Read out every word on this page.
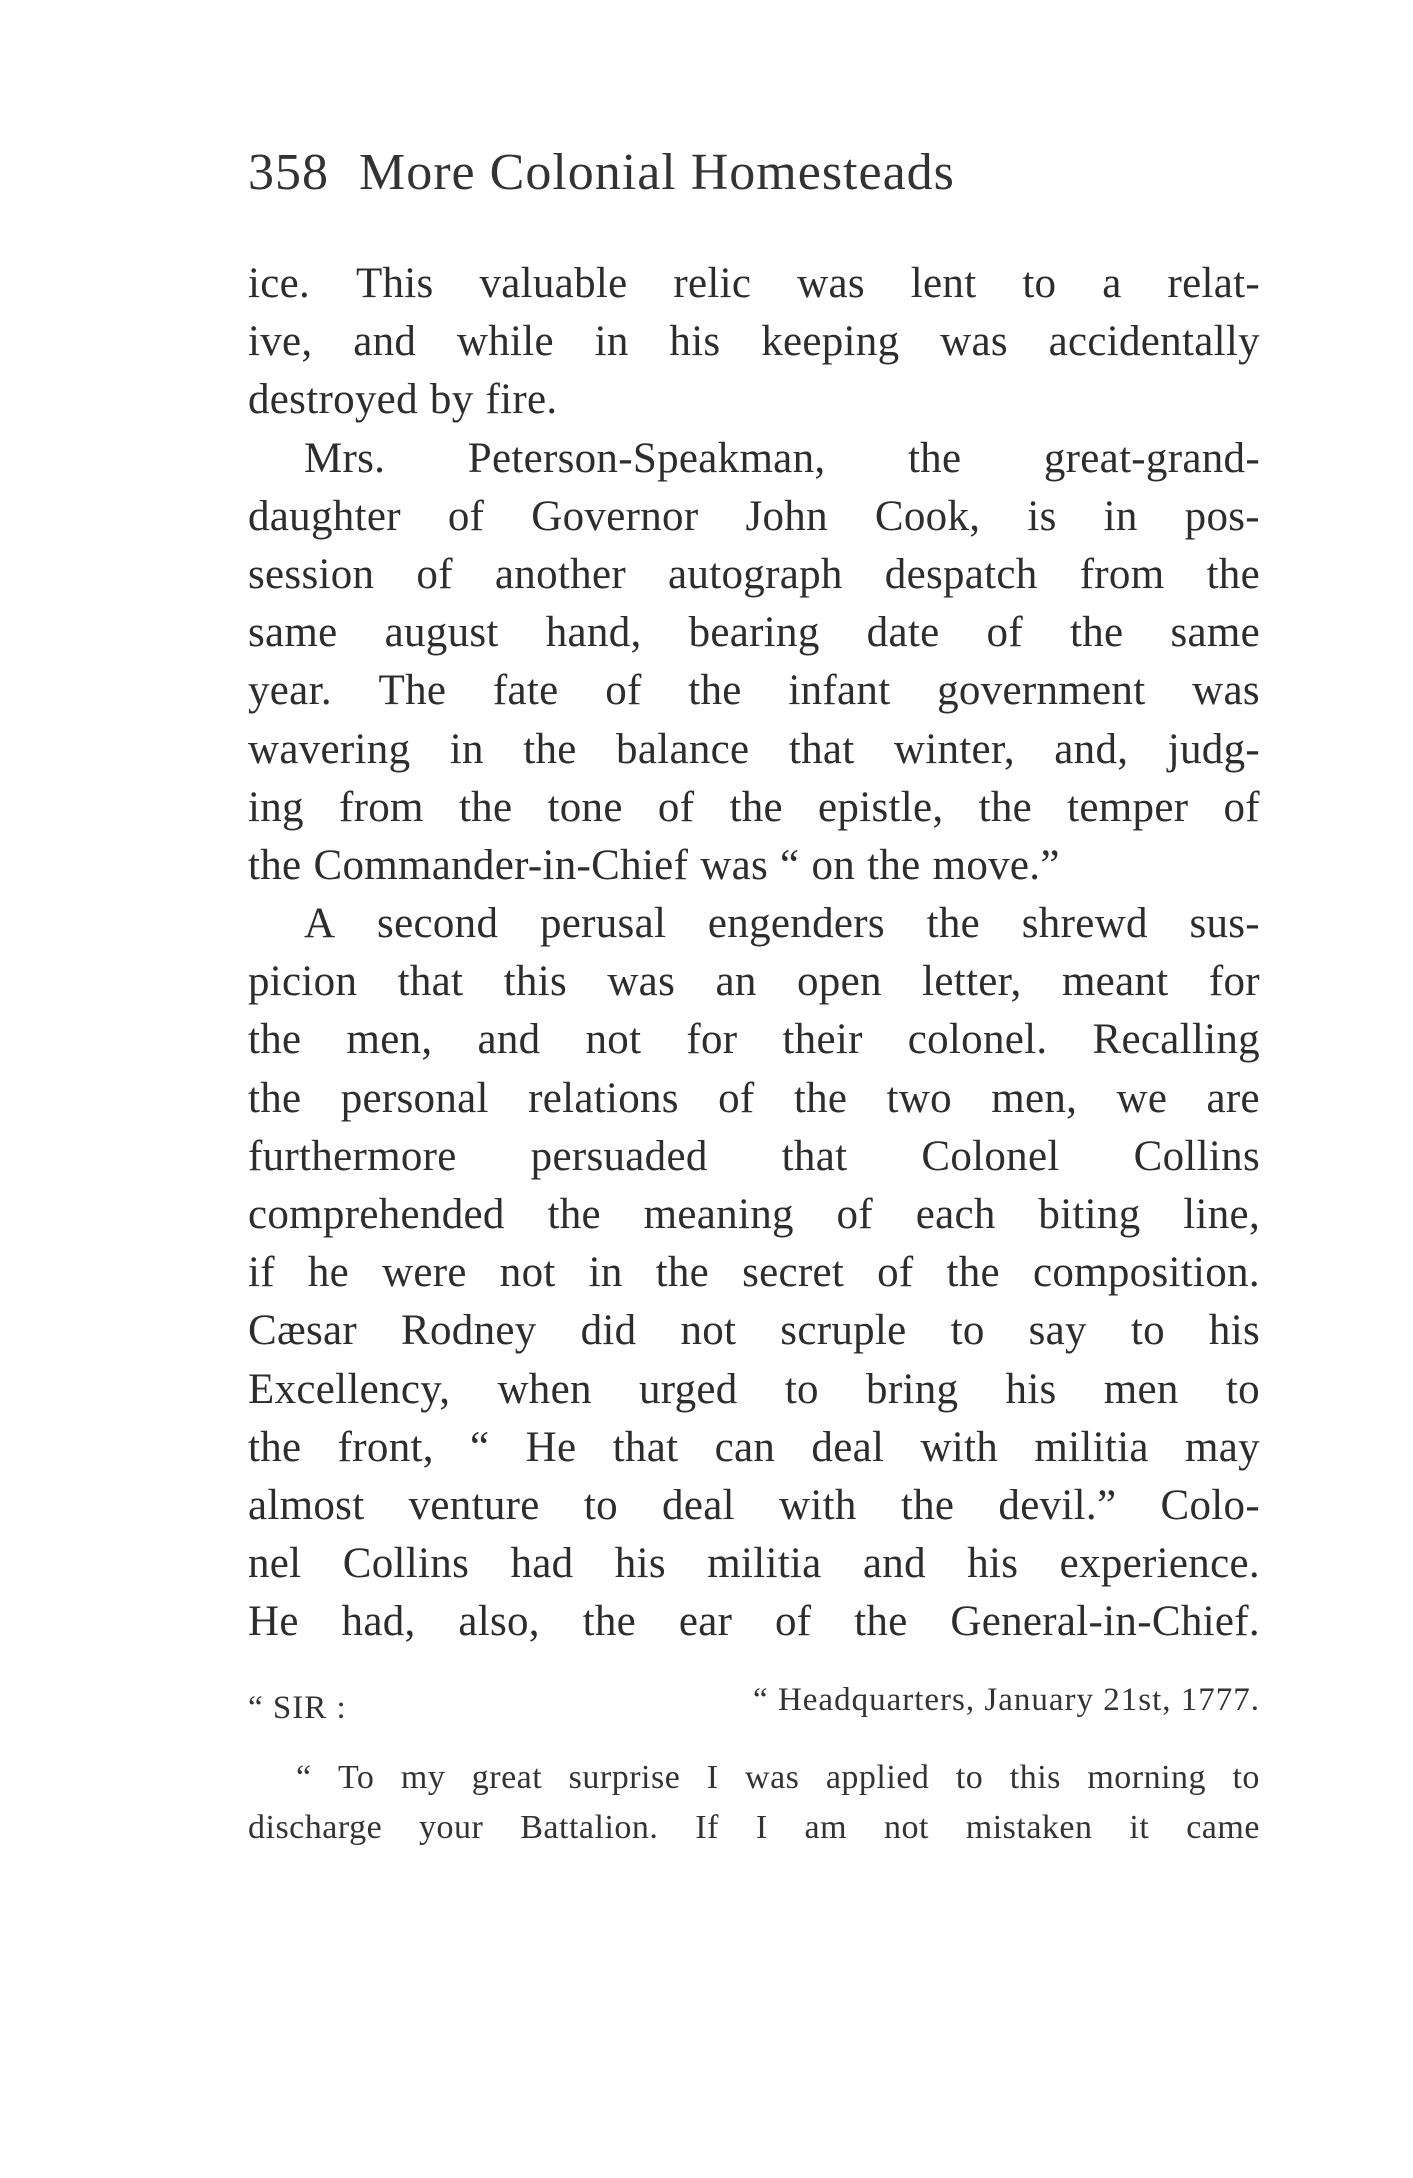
358 More Colonial Homesteads
ice. This valuable relic was lent to a relat-
ive, and while in his keeping was accidentally
destroyed by fire.
Mrs. Peterson-Speakman, the great-grand-
daughter of Governor John Cook, is in pos-
session of another autograph despatch from the
same august hand, bearing date of the same
year. The fate of the infant government was
wavering in the balance that winter, and, judg-
ing from the tone of the epistle, the temper of
the Commander-in-Chief was “ on the move.”
A second perusal engenders the shrewd sus-
picion that this was an open letter, meant for
the men, and not for their colonel. Recalling
the personal relations of the two men, we are
furthermore persuaded that Colonel Collins
comprehended the meaning of each biting line,
if he were not in the secret of the composition.
Cæsar Rodney did not scruple to say to his
Excellency, when urged to bring his men to
the front, “ He that can deal with militia may
almost venture to deal with the devil.” Colo-
nel Collins had his militia and his experience.
He had, also, the ear of the General-in-Chief.
“ SIR :	“ Headquarters, January 21st, 1777.
“ To my great surprise I was applied to this morning to
discharge your Battalion. If I am not mistaken it came
